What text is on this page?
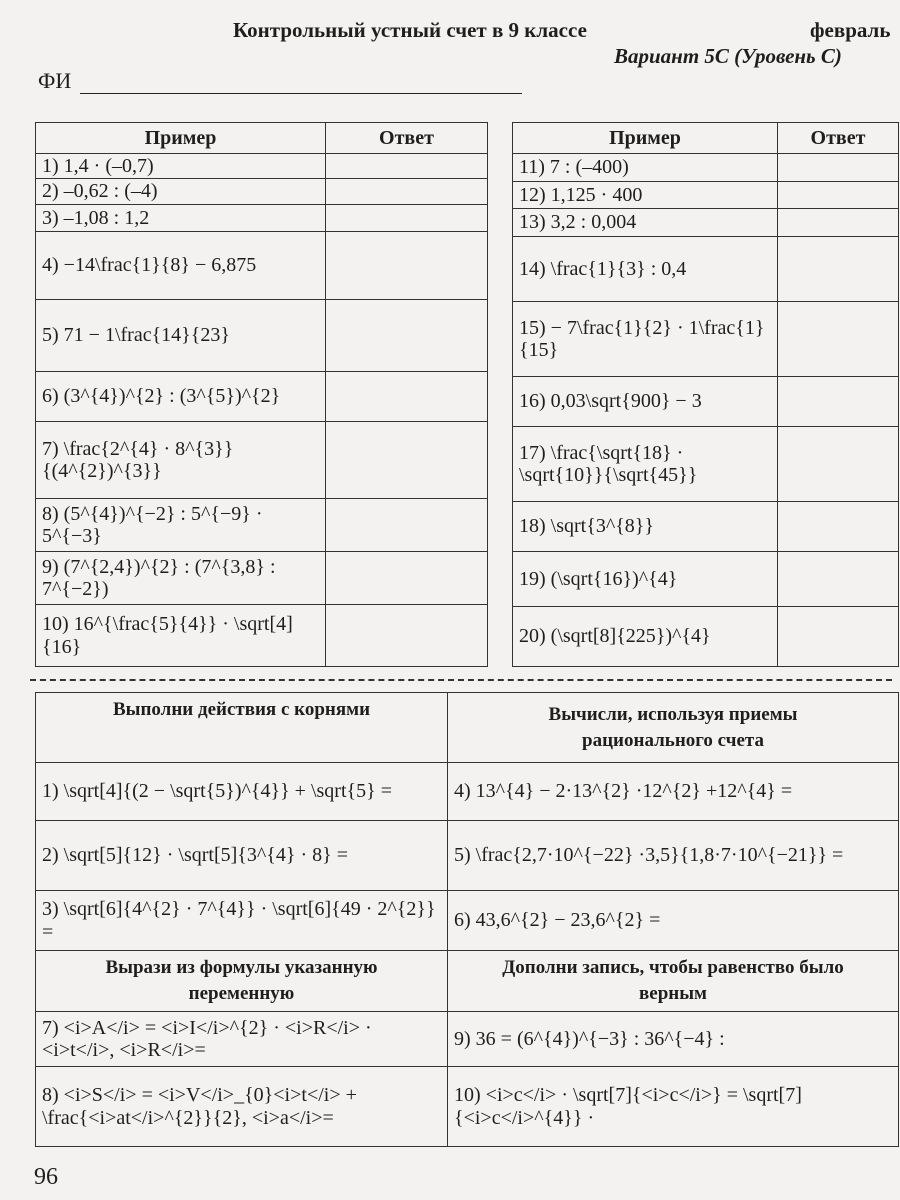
Контрольный устный счет в 9 классе	февраль
Вариант 5С (Уровень С)
ФИ
Пример	Ответ
1) 1,4 · (–0,7)	
2) –0,62 : (–4)	
3) –1,08 : 1,2	
4) −14\frac{1}{8} − 6,875	
5) 71 − 1\frac{14}{23}	
6) (3^{4})^{2} : (3^{5})^{2}	
7) \frac{2^{4} · 8^{3}}{(4^{2})^{3}}	
8) (5^{4})^{−2} : 5^{−9} · 5^{−3}	
9) (7^{2,4})^{2} : (7^{3,8} : 7^{−2})	
10) 16^{\frac{5}{4}} · \sqrt[4]{16}	
Пример	Ответ
11) 7 : (–400)	
12) 1,125 · 400	
13) 3,2 : 0,004	
14) \frac{1}{3} : 0,4	
15) − 7\frac{1}{2} · 1\frac{1}{15}	
16) 0,03\sqrt{900} − 3	
17) \frac{\sqrt{18} · \sqrt{10}}{\sqrt{45}}	
18) \sqrt{3^{8}}	
19) (\sqrt{16})^{4}	
20) (\sqrt[8]{225})^{4}	
Выполни действия с корнями	Вычисли, используя приемы рационального счета
1) \sqrt[4]{(2 − \sqrt{5})^{4}} + \sqrt{5} =	4) 13^{4} − 2·13^{2} ·12^{2} +12^{4} =
2) \sqrt[5]{12} · \sqrt[5]{3^{4} · 8} =	5) \frac{2,7·10^{−22} ·3,5}{1,8·7·10^{−21}} =
3) \sqrt[6]{4^{2} · 7^{4}} · \sqrt[6]{49 · 2^{2}} =	6) 43,6^{2} − 23,6^{2} =
Вырази из формулы указанную переменную	Дополни запись, чтобы равенство было верным
7) <i>A</i> = <i>I</i>^{2} · <i>R</i> · <i>t</i>, <i>R</i>=	9) 36 = (6^{4})^{−3} : 36^{−4} :
8) <i>S</i> = <i>V</i>_{0}<i>t</i> + \frac{<i>at</i>^{2}}{2}, <i>a</i>=	10) <i>c</i> · \sqrt[7]{<i>c</i>} = \sqrt[7]{<i>c</i>^{4}} ·
96
